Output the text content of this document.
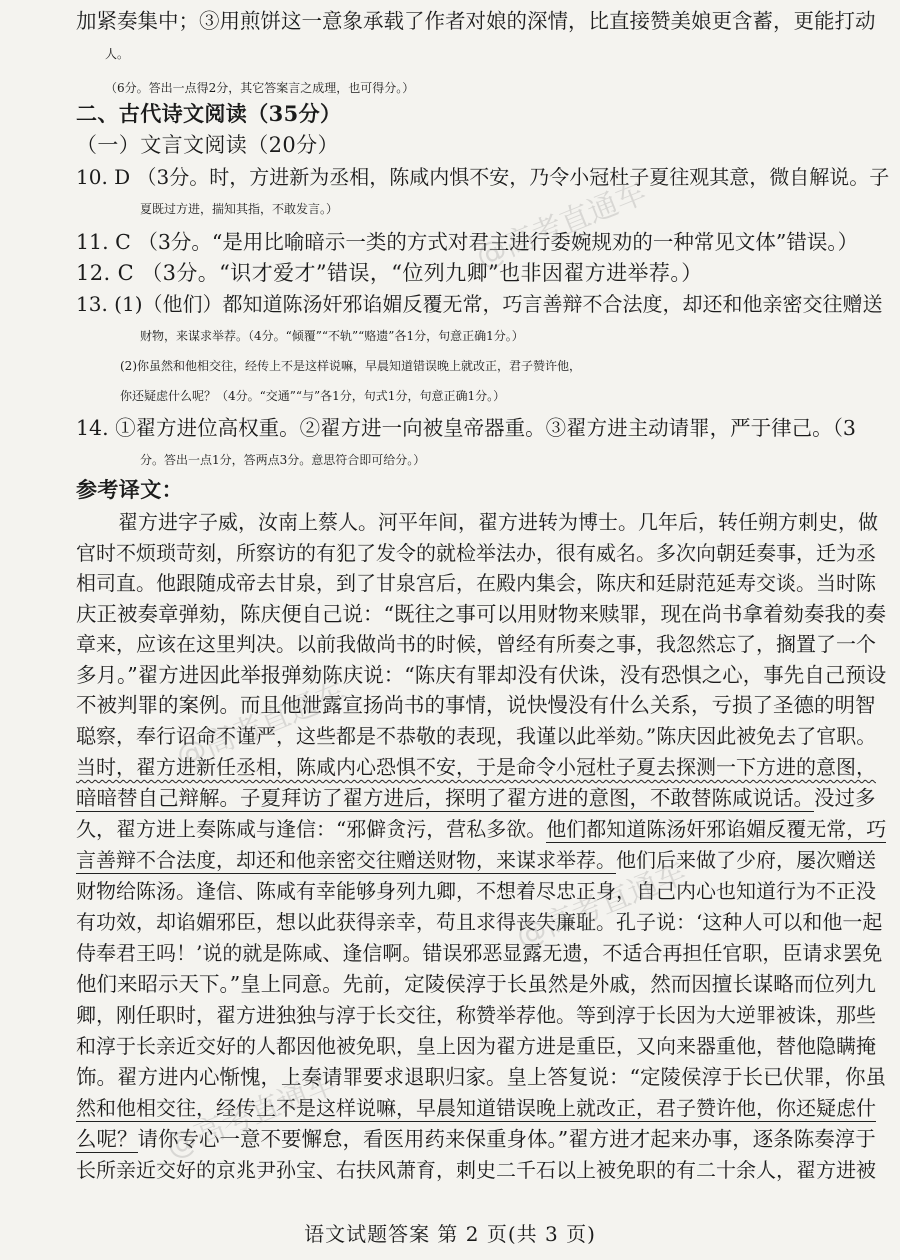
加紧奏集中；③用煎饼这一意象承载了作者对娘的深情，比直接赞美娘更含蓄，更能打动
人。
（6分。答出一点得2分，其它答案言之成理，也可得分。）
二、古代诗文阅读（35分）
（一）文言文阅读（20分）
10. D （3分。时，方进新为丞相，陈咸内惧不安，乃令小冠杜子夏往观其意，微自解说。子
夏既过方进，揣知其指，不敢发言。）
11. C （3分。“是用比喻暗示一类的方式对君主进行委婉规劝的一种常见文体”错误。）
12. C （3分。“识才爱才”错误，“位列九卿”也非因翟方进举荐。）
13. (1)（他们）都知道陈汤奸邪谄媚反覆无常，巧言善辩不合法度，却还和他亲密交往赠送
财物，来谋求举荐。（4分。“倾覆”“不轨”“赂遗”各1分，句意正确1分。）
(2)你虽然和他相交往，经传上不是这样说嘛，早晨知道错误晚上就改正，君子赞许他，
你还疑虑什么呢？（4分。“交通”“与”各1分，句式1分，句意正确1分。）
14. ①翟方进位高权重。②翟方进一向被皇帝器重。③翟方进主动请罪，严于律己。（3
分。答出一点1分，答两点3分。意思符合即可给分。）
参考译文：
翟方进字子威，汝南上蔡人。河平年间，翟方进转为博士。几年后，转任朔方刺史，做
官时不烦琐苛刻，所察访的有犯了发令的就检举法办，很有威名。多次向朝廷奏事，迁为丞
相司直。他跟随成帝去甘泉，到了甘泉宫后，在殿内集会，陈庆和廷尉范延寿交谈。当时陈
庆正被奏章弹劾，陈庆便自己说：“既往之事可以用财物来赎罪，现在尚书拿着劾奏我的奏
章来，应该在这里判决。以前我做尚书的时候，曾经有所奏之事，我忽然忘了，搁置了一个
多月。”翟方进因此举报弹劾陈庆说：“陈庆有罪却没有伏诛，没有恐惧之心，事先自己预设
不被判罪的案例。而且他泄露宣扬尚书的事情，说快慢没有什么关系，亏损了圣德的明智
聪察，奉行诏命不谨严，这些都是不恭敬的表现，我谨以此举劾。”陈庆因此被免去了官职。
当时，翟方进新任丞相，陈咸内心恐惧不安，于是命令小冠杜子夏去探测一下方进的意图，
暗暗替自己辩解。子夏拜访了翟方进后，探明了翟方进的意图，不敢替陈咸说话。没过多
久，翟方进上奏陈咸与逢信：“邪僻贪污，营私多欲。他们都知道陈汤奸邪谄媚反覆无常，巧
言善辩不合法度，却还和他亲密交往赠送财物，来谋求举荐。他们后来做了少府，屡次赠送
财物给陈汤。逢信、陈咸有幸能够身列九卿，不想着尽忠正身，自己内心也知道行为不正没
有功效，却谄媚邪臣，想以此获得亲幸，苟且求得丧失廉耻。孔子说：‘这种人可以和他一起
侍奉君王吗！’说的就是陈咸、逢信啊。错误邪恶显露无遗，不适合再担任官职，臣请求罢免
他们来昭示天下。”皇上同意。先前，定陵侯淳于长虽然是外戚，然而因擅长谋略而位列九
卿，刚任职时，翟方进独独与淳于长交往，称赞举荐他。等到淳于长因为大逆罪被诛，那些
和淳于长亲近交好的人都因他被免职，皇上因为翟方进是重臣，又向来器重他，替他隐瞒掩
饰。翟方进内心惭愧，上奏请罪要求退职归家。皇上答复说：“定陵侯淳于长已伏罪，你虽
然和他相交往，经传上不是这样说嘛，早晨知道错误晚上就改正，君子赞许他，你还疑虑什
么呢？请你专心一意不要懈怠，看医用药来保重身体。”翟方进才起来办事，逐条陈奏淳于
长所亲近交好的京兆尹孙宝、右扶风萧育，刺史二千石以上被免职的有二十余人，翟方进被
语文试题答案 第 2 页(共 3 页)
@高考直通车
@高考直通车
@高考直通车
@高考直通车
